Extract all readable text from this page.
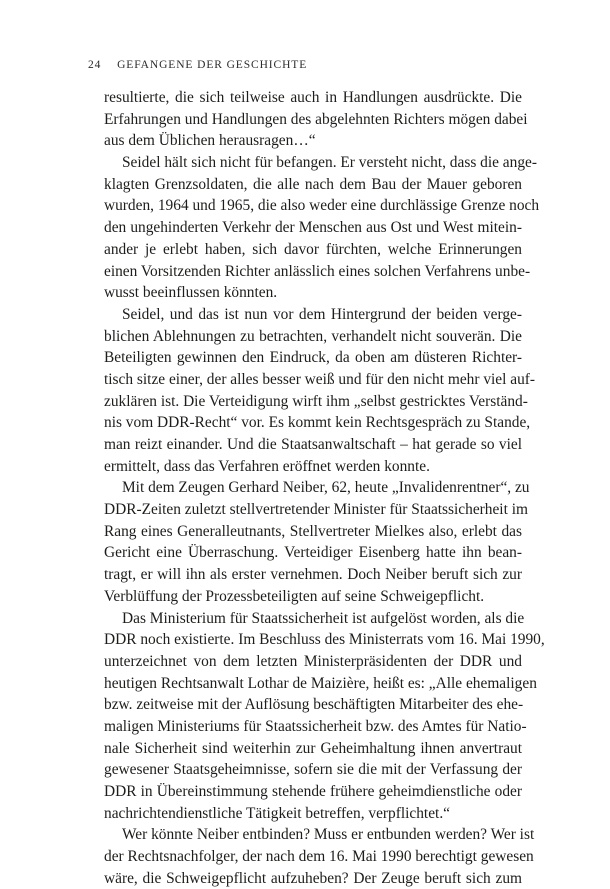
24 GEFANGENE DER GESCHICHTE
resultierte, die sich teilweise auch in Handlungen ausdrückte. Die
Erfahrungen und Handlungen des abgelehnten Richters mögen dabei
aus dem Üblichen herausragen…“
Seidel hält sich nicht für befangen. Er versteht nicht, dass die ange-
klagten Grenzsoldaten, die alle nach dem Bau der Mauer geboren
wurden, 1964 und 1965, die also weder eine durchlässige Grenze noch
den ungehinderten Verkehr der Menschen aus Ost und West mitein-
ander je erlebt haben, sich davor fürchten, welche Erinnerungen
einen Vorsitzenden Richter anlässlich eines solchen Verfahrens unbe-
wusst beeinflussen könnten.
Seidel, und das ist nun vor dem Hintergrund der beiden verge-
blichen Ablehnungen zu betrachten, verhandelt nicht souverän. Die
Beteiligten gewinnen den Eindruck, da oben am düsteren Richter-
tisch sitze einer, der alles besser weiß und für den nicht mehr viel auf-
zuklären ist. Die Verteidigung wirft ihm „selbst gestricktes Verständ-
nis vom DDR-Recht“ vor. Es kommt kein Rechtsgespräch zu Stande,
man reizt einander. Und die Staatsanwaltschaft – hat gerade so viel
ermittelt, dass das Verfahren eröffnet werden konnte.
Mit dem Zeugen Gerhard Neiber, 62, heute „Invalidenrentner“, zu
DDR-Zeiten zuletzt stellvertretender Minister für Staatssicherheit im
Rang eines Generalleutnants, Stellvertreter Mielkes also, erlebt das
Gericht eine Überraschung. Verteidiger Eisenberg hatte ihn bean-
tragt, er will ihn als erster vernehmen. Doch Neiber beruft sich zur
Verblüffung der Prozessbeteiligten auf seine Schweigepflicht.
Das Ministerium für Staatssicherheit ist aufgelöst worden, als die
DDR noch existierte. Im Beschluss des Ministerrats vom 16. Mai 1990,
unterzeichnet von dem letzten Ministerpräsidenten der DDR und
heutigen Rechtsanwalt Lothar de Maizière, heißt es: „Alle ehemaligen
bzw. zeitweise mit der Auflösung beschäftigten Mitarbeiter des ehe-
maligen Ministeriums für Staatssicherheit bzw. des Amtes für Natio-
nale Sicherheit sind weiterhin zur Geheimhaltung ihnen anvertraut
gewesener Staatsgeheimnisse, sofern sie die mit der Verfassung der
DDR in Übereinstimmung stehende frühere geheimdienstliche oder
nachrichtendienstliche Tätigkeit betreffen, verpflichtet.“
Wer könnte Neiber entbinden? Muss er entbunden werden? Wer ist
der Rechtsnachfolger, der nach dem 16. Mai 1990 berechtigt gewesen
wäre, die Schweigepflicht aufzuheben? Der Zeuge beruft sich zum
